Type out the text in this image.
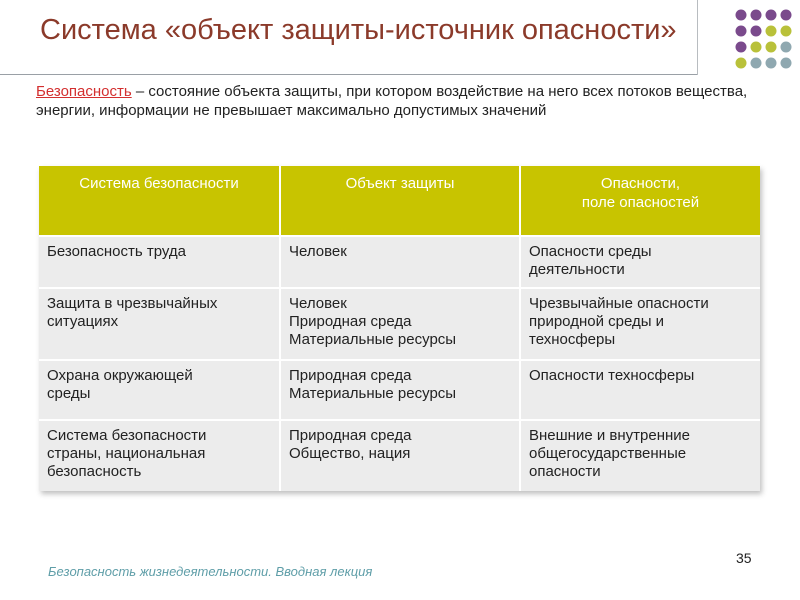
Система «объект защиты-источник опасности»
Безопасность – состояние объекта защиты, при котором воздействие на него всех потоков вещества, энергии, информации не превышает максимально допустимых значений
Система безопасности	Объект защиты	Опасности,
поле опасностей

Безопасность труда	Человек	Опасности среды
деятельности

Защита в чрезвычайных
ситуациях	Человек
Природная среда
Материальные ресурсы	Чрезвычайные опасности
природной среды и
техносферы

Охрана окружающей
среды	Природная среда
Материальные ресурсы	Опасности техносферы

Система безопасности
страны, национальная
безопасность	Природная среда
Общество, нация	Внешние и внутренние
общегосударственные
опасности
Безопасность жизнедеятельности. Вводная лекция
35
